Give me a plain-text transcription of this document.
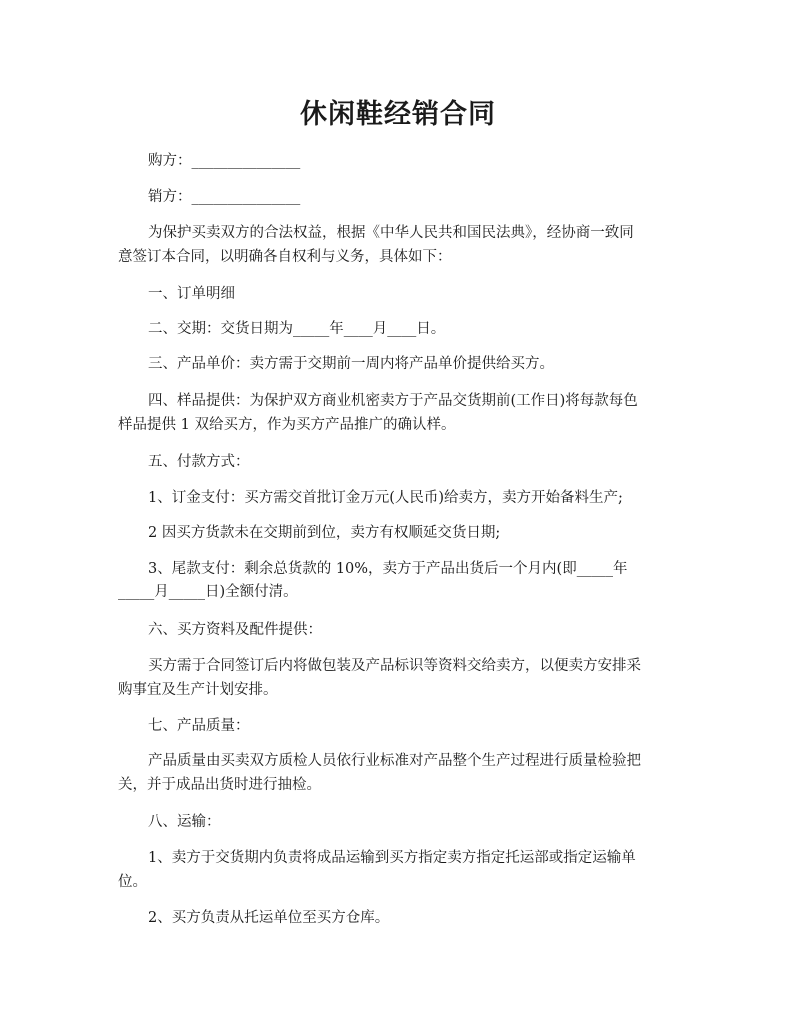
休闲鞋经销合同
购方：_______________
销方：_______________
为保护买卖双方的合法权益，根据《中华人民共和国民法典》，经协商一致同
意签订本合同，以明确各自权利与义务，具体如下：
一、订单明细
二、交期：交货日期为_____年____月____日。
三、产品单价：卖方需于交期前一周内将产品单价提供给买方。
四、样品提供：为保护双方商业机密卖方于产品交货期前(工作日)将每款每色
样品提供 1 双给买方，作为买方产品推广的确认样。
五、付款方式：
1、订金支付：买方需交首批订金万元(人民币)给卖方，卖方开始备料生产;
2 因买方货款未在交期前到位，卖方有权顺延交货日期;
3、尾款支付：剩余总货款的 10%，卖方于产品出货后一个月内(即_____年
_____月_____日)全额付清。
六、买方资料及配件提供：
买方需于合同签订后内将做包装及产品标识等资料交给卖方，以便卖方安排采
购事宜及生产计划安排。
七、产品质量：
产品质量由买卖双方质检人员依行业标准对产品整个生产过程进行质量检验把
关，并于成品出货时进行抽检。
八、运输：
1、卖方于交货期内负责将成品运输到买方指定卖方指定托运部或指定运输单
位。
2、买方负责从托运单位至买方仓库。
